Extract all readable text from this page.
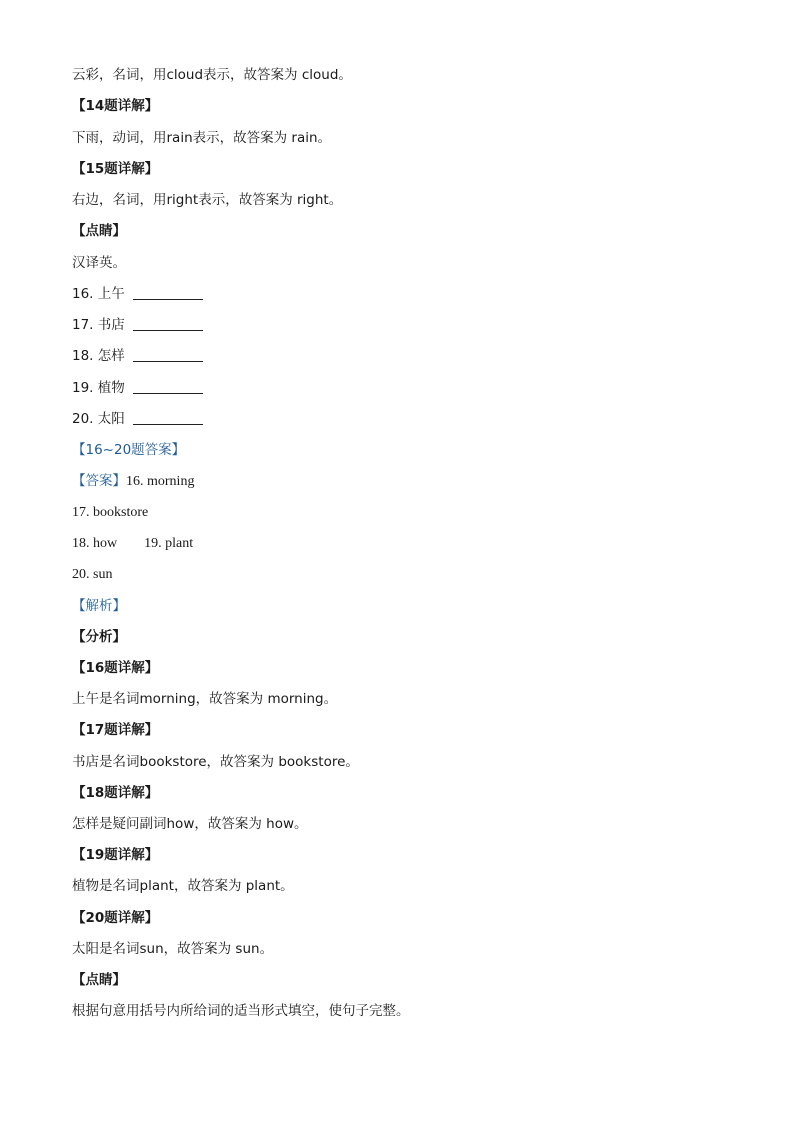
云彩，名词，用cloud表示，故答案为 cloud。
【14题详解】
下雨，动词，用rain表示，故答案为 rain。
【15题详解】
右边，名词，用right表示，故答案为 right。
【点睛】
汉译英。
16. 上午
17. 书店
18. 怎样
19. 植物
20. 太阳
【16~20题答案】
【答案】16. morning
17. bookstore
18. how 19. plant
20. sun
【解析】
【分析】
【16题详解】
上午是名词morning，故答案为 morning。
【17题详解】
书店是名词bookstore，故答案为 bookstore。
【18题详解】
怎样是疑问副词how，故答案为 how。
【19题详解】
植物是名词plant，故答案为 plant。
【20题详解】
太阳是名词sun，故答案为 sun。
【点睛】
根据句意用括号内所给词的适当形式填空，使句子完整。
